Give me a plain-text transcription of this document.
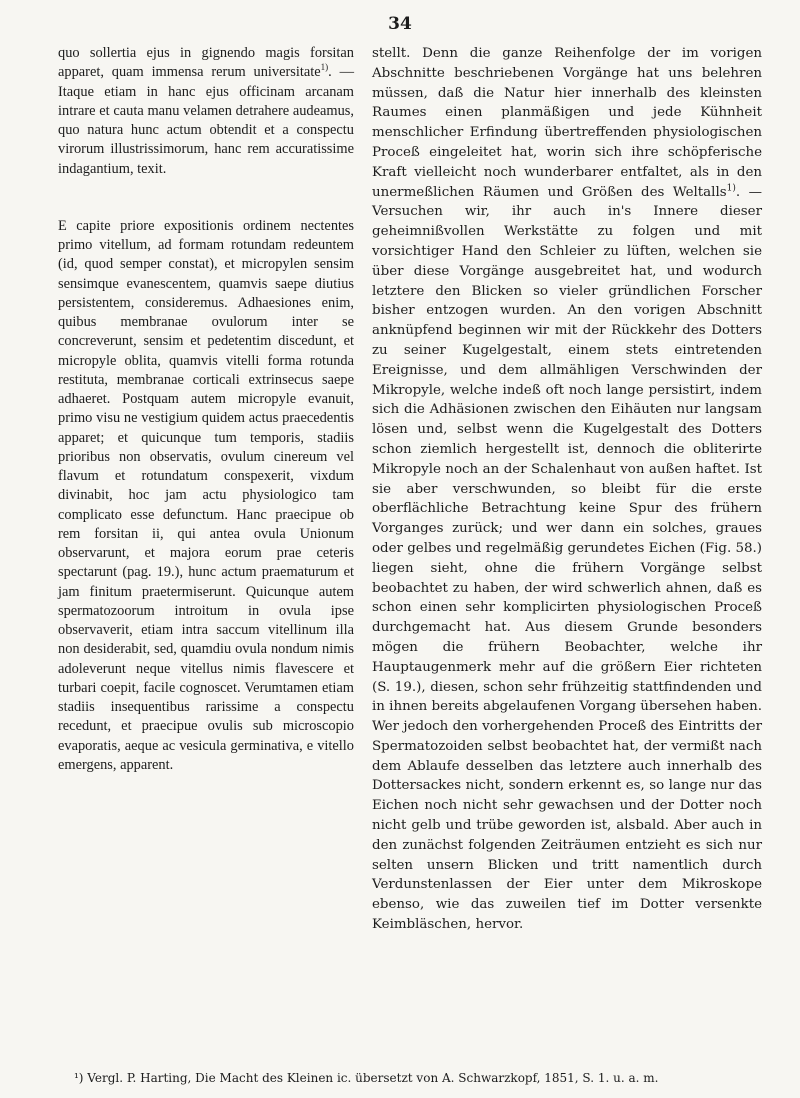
34

quo sollertia ejus in gignendo magis forsitan apparet, quam immensa rerum universitate$^{1)}$. — Itaque etiam in hanc ejus officinam arcanam intrare et cauta manu velamen detrahere audeamus, quo natura hunc actum obtendit et a conspectu virorum illustrissimorum, hanc rem accuratissime indagantium, texit.

E capite priore expositionis ordinem nectentes primo vitellum, ad formam rotundam redeuntem (id, quod semper constat), et micropylen sensim sensimque evanescentem, quamvis saepe diutius persistentem, consideremus. Adhaesiones enim, quibus membranae ovulorum inter se concreverunt, sensim et pedetentim discedunt, et micropyle oblita, quamvis vitelli forma rotunda restituta, membranae corticali extrinsecus saepe adhaeret. Postquam autem micropyle evanuit, primo visu ne vestigium quidem actus praecedentis apparet; et quicunque tum temporis, stadiis prioribus non observatis, ovulum cinereum vel flavum et rotundatum conspexerit, vixdum divinabit, hoc jam actu physiologico tam complicato esse defunctum. Hanc praecipue ob rem forsitan ii, qui antea ovula Unionum observarunt, et majora eorum prae ceteris spectarunt (pag. 19.), hunc actum praematurum et jam finitum praetermiserunt. Quicunque autem spermatozoorum introitum in ovula ipse observaverit, etiam intra saccum vitellinum illa non desiderabit, sed, quamdiu ovula nondum nimis adoleverunt neque vitellus nimis flavescere et turbari coepit, facile cognoscet. Verumtamen etiam stadiis insequentibus rarissime a conspectu recedunt, et praecipue ovulis sub microscopio evaporatis, aeque ac vesicula germinativa, e vitello emergens, apparent.

stellt. Denn die ganze Reihenfolge der im vorigen Abschnitte beschriebenen Vorgänge hat uns belehren müssen, daß die Natur hier innerhalb des kleinsten Raumes einen planmäßigen und jede Kühnheit menschlicher Erfindung übertreffenden physiologischen Proceß eingeleitet hat, worin sich ihre schöpferische Kraft vielleicht noch wunderbarer entfaltet, als in den unermeßlichen Räumen und Größen des Weltalls$^{1)}$. — Versuchen wir, ihr auch in's Innere dieser geheimnißvollen Werkstätte zu folgen und mit vorsichtiger Hand den Schleier zu lüften, welchen sie über diese Vorgänge ausgebreitet hat, und wodurch letztere den Blicken so vieler gründlichen Forscher bisher entzogen wurden. An den vorigen Abschnitt anknüpfend beginnen wir mit der Rückkehr des Dotters zu seiner Kugelgestalt, einem stets eintretenden Ereignisse, und dem allmähligen Verschwinden der Mikropyle, welche indeß oft noch lange persistirt, indem sich die Adhäsionen zwischen den Eihäuten nur langsam lösen und, selbst wenn die Kugelgestalt des Dotters schon ziemlich hergestellt ist, dennoch die obliterirte Mikropyle noch an der Schalenhaut von außen haftet. Ist sie aber verschwunden, so bleibt für die erste oberflächliche Betrachtung keine Spur des frühern Vorganges zurück; und wer dann ein solches, graues oder gelbes und regelmäßig gerundetes Eichen (Fig. 58.) liegen sieht, ohne die frühern Vorgänge selbst beobachtet zu haben, der wird schwerlich ahnen, daß es schon einen sehr komplicirten physiologischen Proceß durchgemacht hat. Aus diesem Grunde besonders mögen die frühern Beobachter, welche ihr Hauptaugenmerk mehr auf die größern Eier richteten (S. 19.), diesen, schon sehr frühzeitig stattfindenden und in ihnen bereits abgelaufenen Vorgang übersehen haben. Wer jedoch den vorhergehenden Proceß des Eintritts der Spermatozoiden selbst beobachtet hat, der vermißt nach dem Ablaufe desselben das letztere auch innerhalb des Dottersackes nicht, sondern erkennt es, so lange nur das Eichen noch nicht sehr gewachsen und der Dotter noch nicht gelb und trübe geworden ist, alsbald. Aber auch in den zunächst folgenden Zeiträumen entzieht es sich nur selten unsern Blicken und tritt namentlich durch Verdunstenlassen der Eier unter dem Mikroskope ebenso, wie das zuweilen tief im Dotter versenkte Keimbläschen, hervor.

¹) Vergl. P. Harting, Die Macht des Kleinen ic. übersetzt von A. Schwarzkopf, 1851, S. 1. u. a. m.
